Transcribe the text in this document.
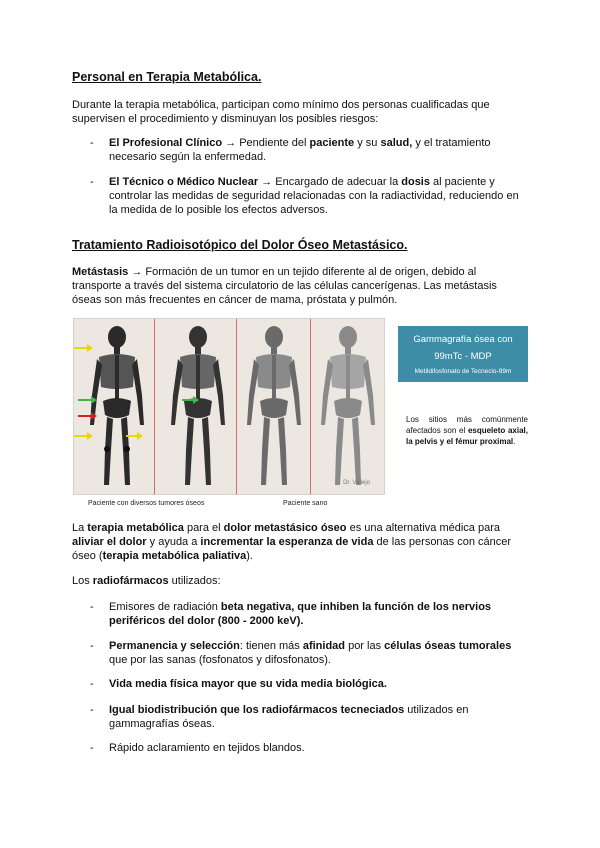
Personal en Terapia Metabólica.

Durante la terapia metabólica, participan como mínimo dos personas cualificadas que
supervisen el procedimiento y disminuyan los posibles riesgos:

- El Profesional Clínico → Pendiente del paciente y su salud, y el tratamiento
necesario según la enfermedad.
- El Técnico o Médico Nuclear → Encargado de adecuar la dosis al paciente y
controlar las medidas de seguridad relacionadas con la radiactividad, reduciendo en
la medida de lo posible los efectos adversos.
Tratamiento Radioisotópico del Dolor Óseo Metastásico.

Metástasis → Formación de un tumor en un tejido diferente al de origen, debido al
transporte a través del sistema circulatorio de las células cancerígenas. Las metástasis
óseas son más frecuentes en cáncer de mama, próstata y pulmón.

Dr. Vallejo
Paciente con diversos tumores óseos	Paciente sano
Gammagrafía ósea con
99mTc - MDP
Metildifosfonato de Tecnecio-99m
Los sitios más comúnmente afectados son el esqueleto axial, la pelvis y el fémur proximal.

La terapia metabólica para el dolor metastásico óseo es una alternativa médica para
aliviar el dolor y ayuda a incrementar la esperanza de vida de las personas con cáncer
óseo (terapia metabólica paliativa).

Los radiofármacos utilizados:

- Emisores de radiación beta negativa, que inhiben la función de los nervios
periféricos del dolor (800 - 2000 keV).
- Permanencia y selección: tienen más afinidad por las células óseas tumorales
que por las sanas (fosfonatos y difosfonatos).
- Vida media física mayor que su vida media biológica.
- Igual biodistribución que los radiofármacos tecneciados utilizados en
gammagrafías óseas.
- Rápido aclaramiento en tejidos blandos.
